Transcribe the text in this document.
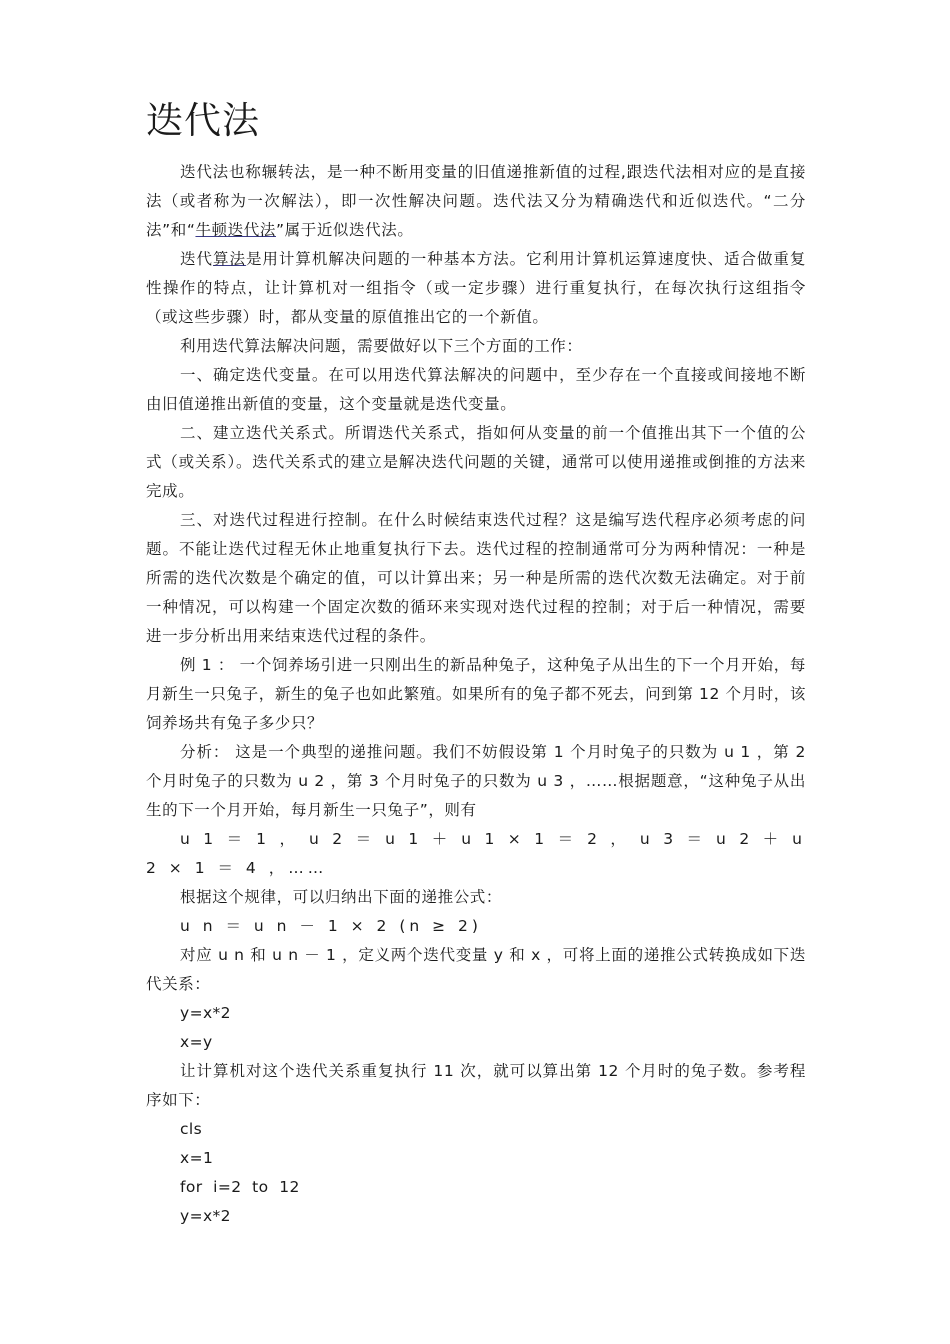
迭代法

迭代法也称辗转法，是一种不断用变量的旧值递推新值的过程,跟迭代法相对应的是直接法（或者称为一次解法），即一次性解决问题。迭代法又分为精确迭代和近似迭代。“二分法”和“牛顿迭代法”属于近似迭代法。

迭代算法是用计算机解决问题的一种基本方法。它利用计算机运算速度快、适合做重复性操作的特点，让计算机对一组指令（或一定步骤）进行重复执行，在每次执行这组指令（或这些步骤）时，都从变量的原值推出它的一个新值。

利用迭代算法解决问题，需要做好以下三个方面的工作：

一、确定迭代变量。在可以用迭代算法解决的问题中，至少存在一个直接或间接地不断由旧值递推出新值的变量，这个变量就是迭代变量。

二、建立迭代关系式。所谓迭代关系式，指如何从变量的前一个值推出其下一个值的公式（或关系）。迭代关系式的建立是解决迭代问题的关键，通常可以使用递推或倒推的方法来完成。

三、对迭代过程进行控制。在什么时候结束迭代过程？这是编写迭代程序必须考虑的问题。不能让迭代过程无休止地重复执行下去。迭代过程的控制通常可分为两种情况：一种是所需的迭代次数是个确定的值，可以计算出来；另一种是所需的迭代次数无法确定。对于前一种情况，可以构建一个固定次数的循环来实现对迭代过程的控制；对于后一种情况，需要进一步分析出用来结束迭代过程的条件。

例 1 ： 一个饲养场引进一只刚出生的新品种兔子，这种兔子从出生的下一个月开始，每月新生一只兔子，新生的兔子也如此繁殖。如果所有的兔子都不死去，问到第 12 个月时，该饲养场共有兔子多少只？

分析： 这是一个典型的递推问题。我们不妨假设第 1 个月时兔子的只数为 u 1 ，第 2 个月时兔子的只数为 u 2 ，第 3 个月时兔子的只数为 u 3 ，……根据题意，“这种兔子从出生的下一个月开始，每月新生一只兔子”，则有

u 1 ＝ 1 ， u 2 ＝ u 1 ＋ u 1 × 1 ＝ 2 ， u 3 ＝ u 2 ＋ u 2 × 1 ＝ 4 ，……

根据这个规律，可以归纳出下面的递推公式：

u n ＝ u n － 1 × 2 (n ≥ 2)

对应 u n 和 u n － 1 ，定义两个迭代变量 y 和 x ，可将上面的递推公式转换成如下迭代关系：

y=x*2

x=y

让计算机对这个迭代关系重复执行 11 次，就可以算出第 12 个月时的兔子数。参考程序如下：

cls

x=1

for  i=2  to  12

y=x*2
